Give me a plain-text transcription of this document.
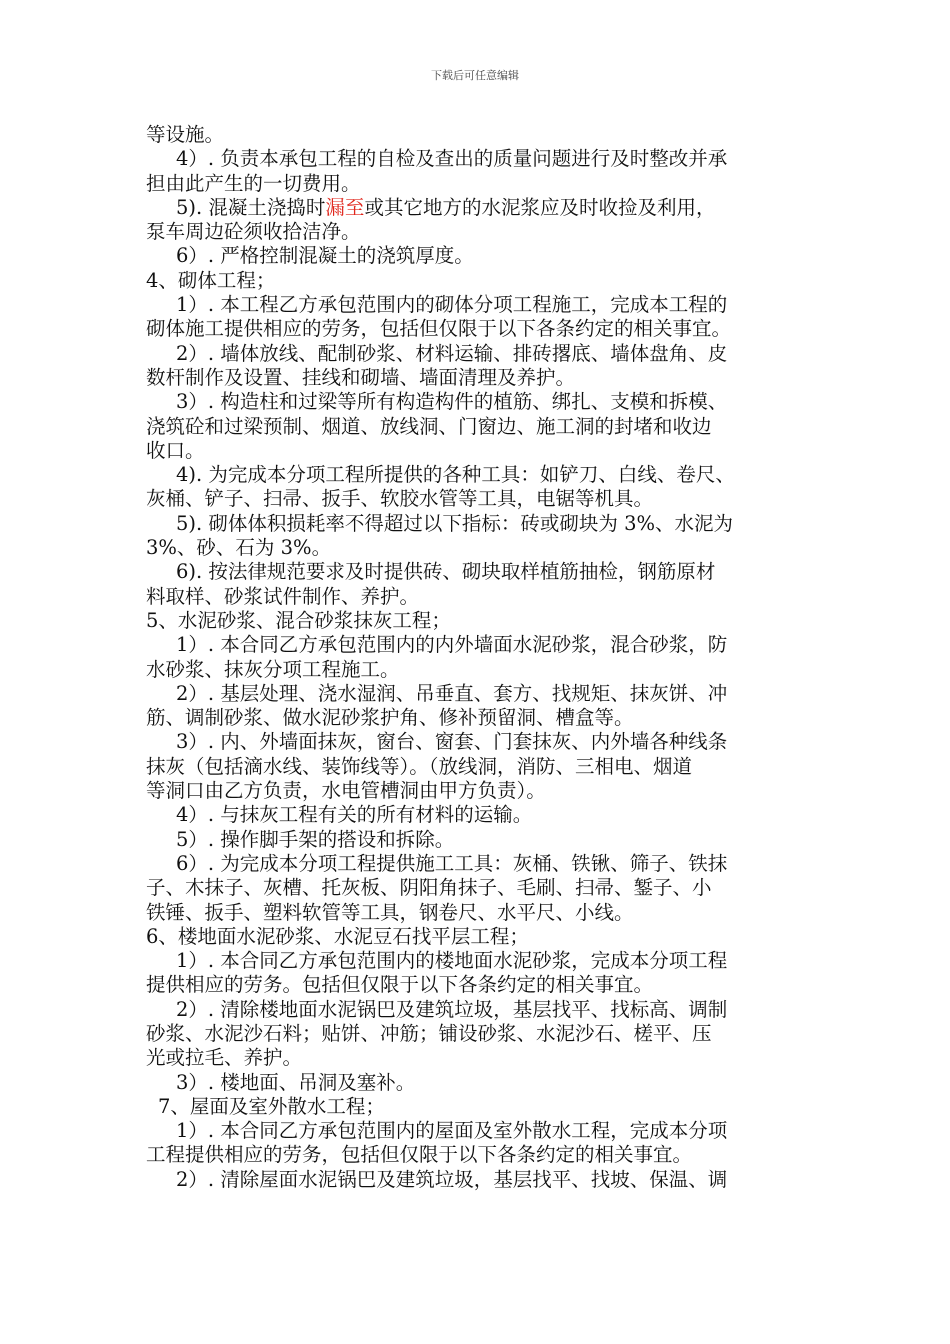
下载后可任意编辑
等设施。
4）. 负责本承包工程的自检及查出的质量问题进行及时整改并承
担由此产生的一切费用。
5). 混凝土浇捣时漏至或其它地方的水泥浆应及时收捡及利用，
泵车周边砼须收拾洁净。
6）. 严格控制混凝土的浇筑厚度。
4、砌体工程；
1）. 本工程乙方承包范围内的砌体分项工程施工，完成本工程的
砌体施工提供相应的劳务，包括但仅限于以下各条约定的相关事宜。
2）. 墙体放线、配制砂浆、材料运输、排砖撂底、墙体盘角、皮
数杆制作及设置、挂线和砌墙、墙面清理及养护。
3）. 构造柱和过梁等所有构造构件的植筋、绑扎、支模和拆模、
浇筑砼和过梁预制、烟道、放线洞、门窗边、施工洞的封堵和收边
收口。
4). 为完成本分项工程所提供的各种工具：如铲刀、白线、卷尺、
灰桶、铲子、扫帚、扳手、软胶水管等工具，电锯等机具。
5). 砌体体积损耗率不得超过以下指标：砖或砌块为 3%、水泥为
3%、砂、石为 3%。
6). 按法律规范要求及时提供砖、砌块取样植筋抽检，钢筋原材
料取样、砂浆试件制作、养护。
5、水泥砂浆、混合砂浆抹灰工程；
1）. 本合同乙方承包范围内的内外墙面水泥砂浆，混合砂浆，防
水砂浆、抹灰分项工程施工。
2）. 基层处理、浇水湿润、吊垂直、套方、找规矩、抹灰饼、冲
筋、调制砂浆、做水泥砂浆护角、修补预留洞、槽盒等。
3）. 内、外墙面抹灰，窗台、窗套、门套抹灰、内外墙各种线条
抹灰（包括滴水线、装饰线等）。（放线洞，消防、三相电、烟道
等洞口由乙方负责，水电管槽洞由甲方负责）。
4）. 与抹灰工程有关的所有材料的运输。
5）. 操作脚手架的搭设和拆除。
6）. 为完成本分项工程提供施工工具：灰桶、铁锹、筛子、铁抹
子、木抹子、灰槽、托灰板、阴阳角抹子、毛刷、扫帚、錾子、小
铁锤、扳手、塑料软管等工具，钢卷尺、水平尺、小线。
6、楼地面水泥砂浆、水泥豆石找平层工程；
1）. 本合同乙方承包范围内的楼地面水泥砂浆，完成本分项工程
提供相应的劳务。包括但仅限于以下各条约定的相关事宜。
2）. 清除楼地面水泥锅巴及建筑垃圾，基层找平、找标高、调制
砂浆、水泥沙石料；贴饼、冲筋；铺设砂浆、水泥沙石、槎平、压
光或拉毛、养护。
3）. 楼地面、吊洞及塞补。
7、屋面及室外散水工程；
1）. 本合同乙方承包范围内的屋面及室外散水工程，完成本分项
工程提供相应的劳务，包括但仅限于以下各条约定的相关事宜。
2）. 清除屋面水泥锅巴及建筑垃圾，基层找平、找坡、保温、调
